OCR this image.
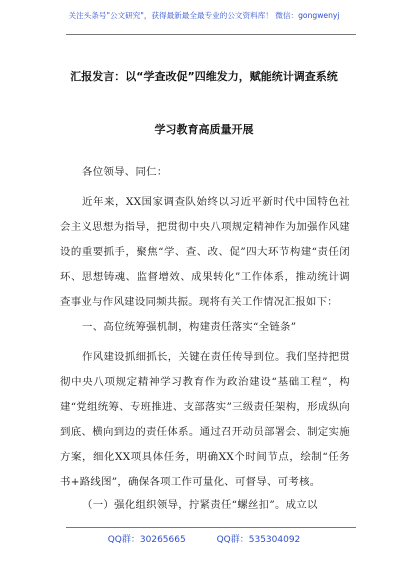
关注头条号"公文研究"，获得最新最全最专业的公文资料库！ 微信：gongwenyj
汇报发言：以“学查改促”四维发力，赋能统计调查系统
学习教育高质量开展
各位领导、同仁：
近年来，XX国家调查队始终以习近平新时代中国特色社会主义思想为指导，把贯彻中央八项规定精神作为加强作风建设的重要抓手，聚焦“学、查、改、促”四大环节构建“责任闭环、思想铸魂、监督增效、成果转化”工作体系，推动统计调查事业与作风建设同频共振。现将有关工作情况汇报如下：
一、高位统筹强机制，构建责任落实“全链条”
作风建设抓细抓长，关键在责任传导到位。我们坚持把贯彻中央八项规定精神学习教育作为政治建设“基础工程”，构建“党组统筹、专班推进、支部落实”三级责任架构，形成纵向到底、横向到边的责任体系。通过召开动员部署会、制定实施方案，细化XX项具体任务，明确XX个时间节点，绘制“任务书+路线图”，确保各项工作可量化、可督导、可考核。
（一）强化组织领导，拧紧责任“螺丝扣”。成立以
QQ群：30265665	QQ群：535304092
